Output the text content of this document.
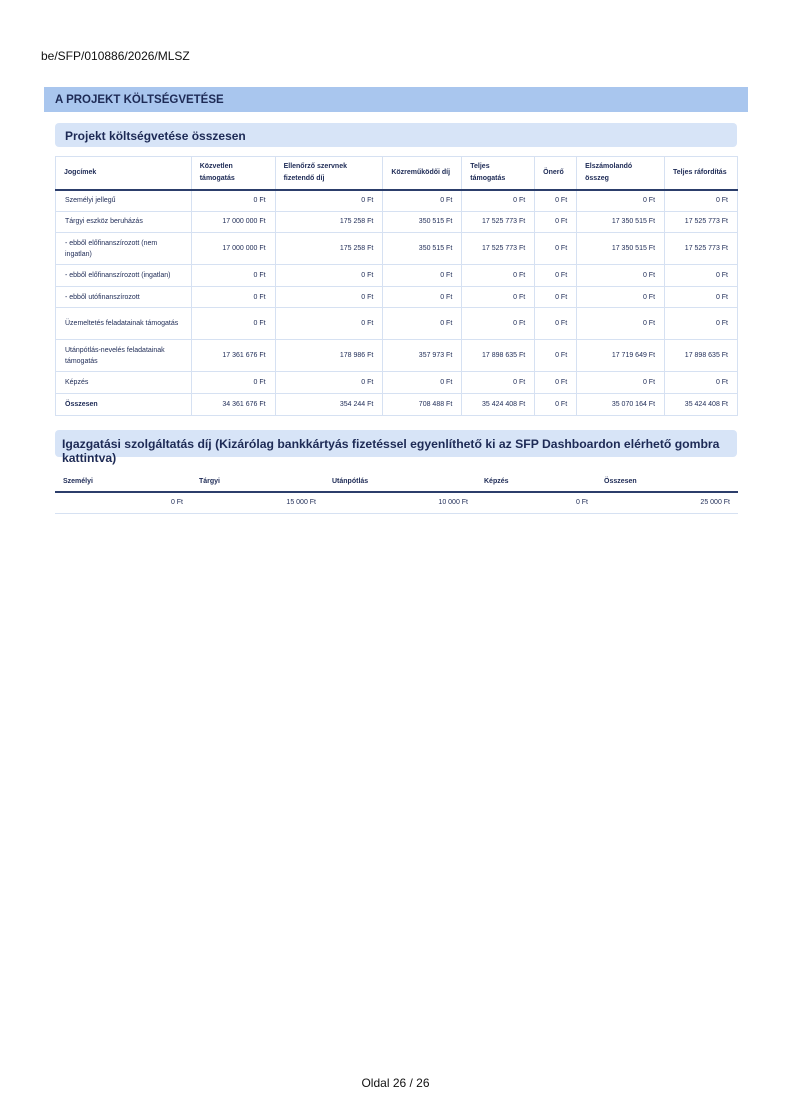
be/SFP/010886/2026/MLSZ
A PROJEKT KÖLTSÉGVETÉSE
Projekt költségvetése összesen
Jogcímek	Közvetlen támogatás	Ellenőrző szervnek fizetendő díj	Közreműködői díj	Teljes támogatás	Önerő	Elszámolandó összeg	Teljes ráfordítás
Személyi jellegű	0 Ft	0 Ft	0 Ft	0 Ft	0 Ft	0 Ft	0 Ft
Tárgyi eszköz beruházás	17 000 000 Ft	175 258 Ft	350 515 Ft	17 525 773 Ft	0 Ft	17 350 515 Ft	17 525 773 Ft
- ebből előfinanszírozott (nem ingatlan)	17 000 000 Ft	175 258 Ft	350 515 Ft	17 525 773 Ft	0 Ft	17 350 515 Ft	17 525 773 Ft
- ebből előfinanszírozott (ingatlan)	0 Ft	0 Ft	0 Ft	0 Ft	0 Ft	0 Ft	0 Ft
- ebből utófinanszírozott	0 Ft	0 Ft	0 Ft	0 Ft	0 Ft	0 Ft	0 Ft
Üzemeltetés feladatainak támogatás	0 Ft	0 Ft	0 Ft	0 Ft	0 Ft	0 Ft	0 Ft
Utánpótlás-nevelés feladatainak támogatás	17 361 676 Ft	178 986 Ft	357 973 Ft	17 898 635 Ft	0 Ft	17 719 649 Ft	17 898 635 Ft
Képzés	0 Ft	0 Ft	0 Ft	0 Ft	0 Ft	0 Ft	0 Ft
Összesen	34 361 676 Ft	354 244 Ft	708 488 Ft	35 424 408 Ft	0 Ft	35 070 164 Ft	35 424 408 Ft
Igazgatási szolgáltatás díj (Kizárólag bankkártyás fizetéssel egyenlíthető ki az SFP Dashboardon elérhető gombra kattintva)
Személyi	Tárgyi	Utánpótlás	Képzés	Összesen
0 Ft	15 000 Ft	10 000 Ft	0 Ft	25 000 Ft
Oldal 26 / 26
